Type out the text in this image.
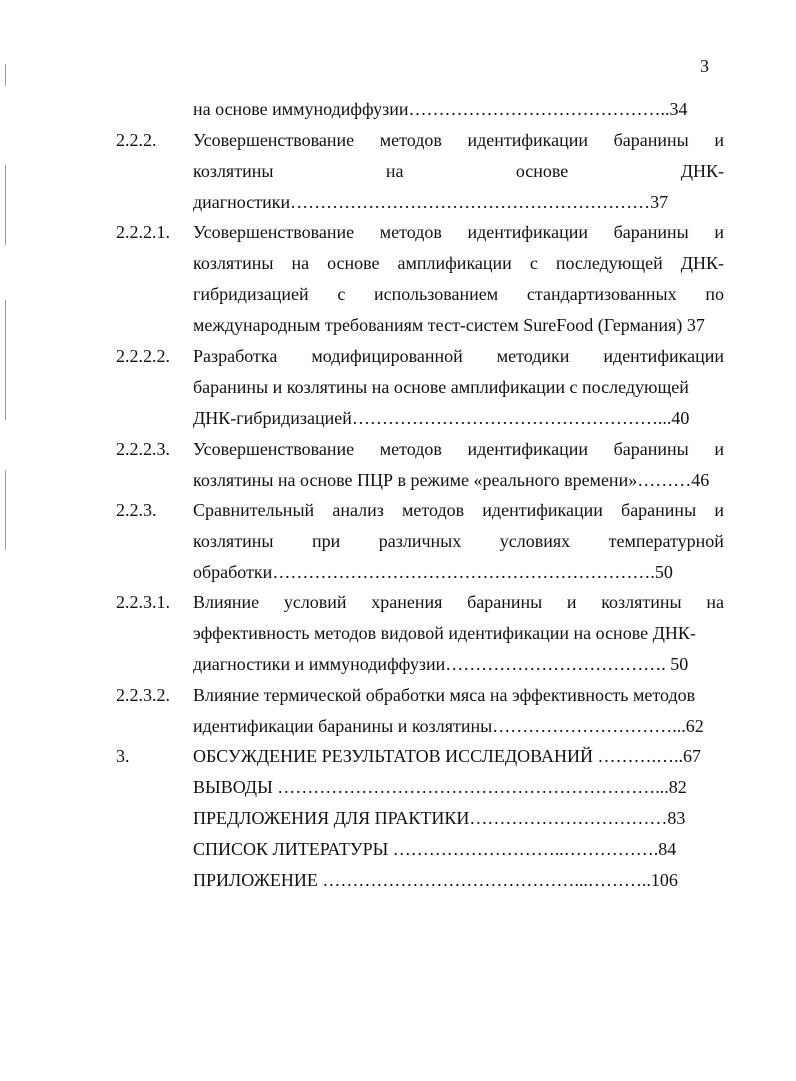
3
на основе иммунодиффузии……………………………………..34
2.2.2. Усовершенствование методов идентификации баранины и
козлятины	на	основе	ДНК-
диагностики……………………………………………………37
2.2.2.1. Усовершенствование методов идентификации баранины и
козлятины на основе амплификации с последующей ДНК-
гибридизацией с использованием стандартизованных по
международным требованиям тест-систем SureFood (Германия) 37
2.2.2.2. Разработка модифицированной методики идентификации
баранины и козлятины на основе амплификации с последующей
ДНК-гибридизацией……………………………………………...40
2.2.2.3. Усовершенствование методов идентификации баранины и
козлятины на основе ПЦР в режиме «реального времени»………46
2.2.3. Сравнительный анализ методов идентификации баранины и
козлятины при различных условиях температурной
обработки……………………………………………………….50
2.2.3.1. Влияние условий хранения баранины и козлятины на
эффективность методов видовой идентификации на основе ДНК-
диагностики и иммунодиффузии………………………………. 50
2.2.3.2. Влияние термической обработки мяса на эффективность методов
идентификации баранины и козлятины…………………………...62
3.	ОБСУЖДЕНИЕ РЕЗУЛЬТАТОВ ИССЛЕДОВАНИЙ ……….…..67
ВЫВОДЫ ………………………………………………………...82
ПРЕДЛОЖЕНИЯ ДЛЯ ПРАКТИКИ……………………………83
СПИСОК ЛИТЕРАТУРЫ ………………………..…………….84
ПРИЛОЖЕНИЕ ……………………………………...………..106
